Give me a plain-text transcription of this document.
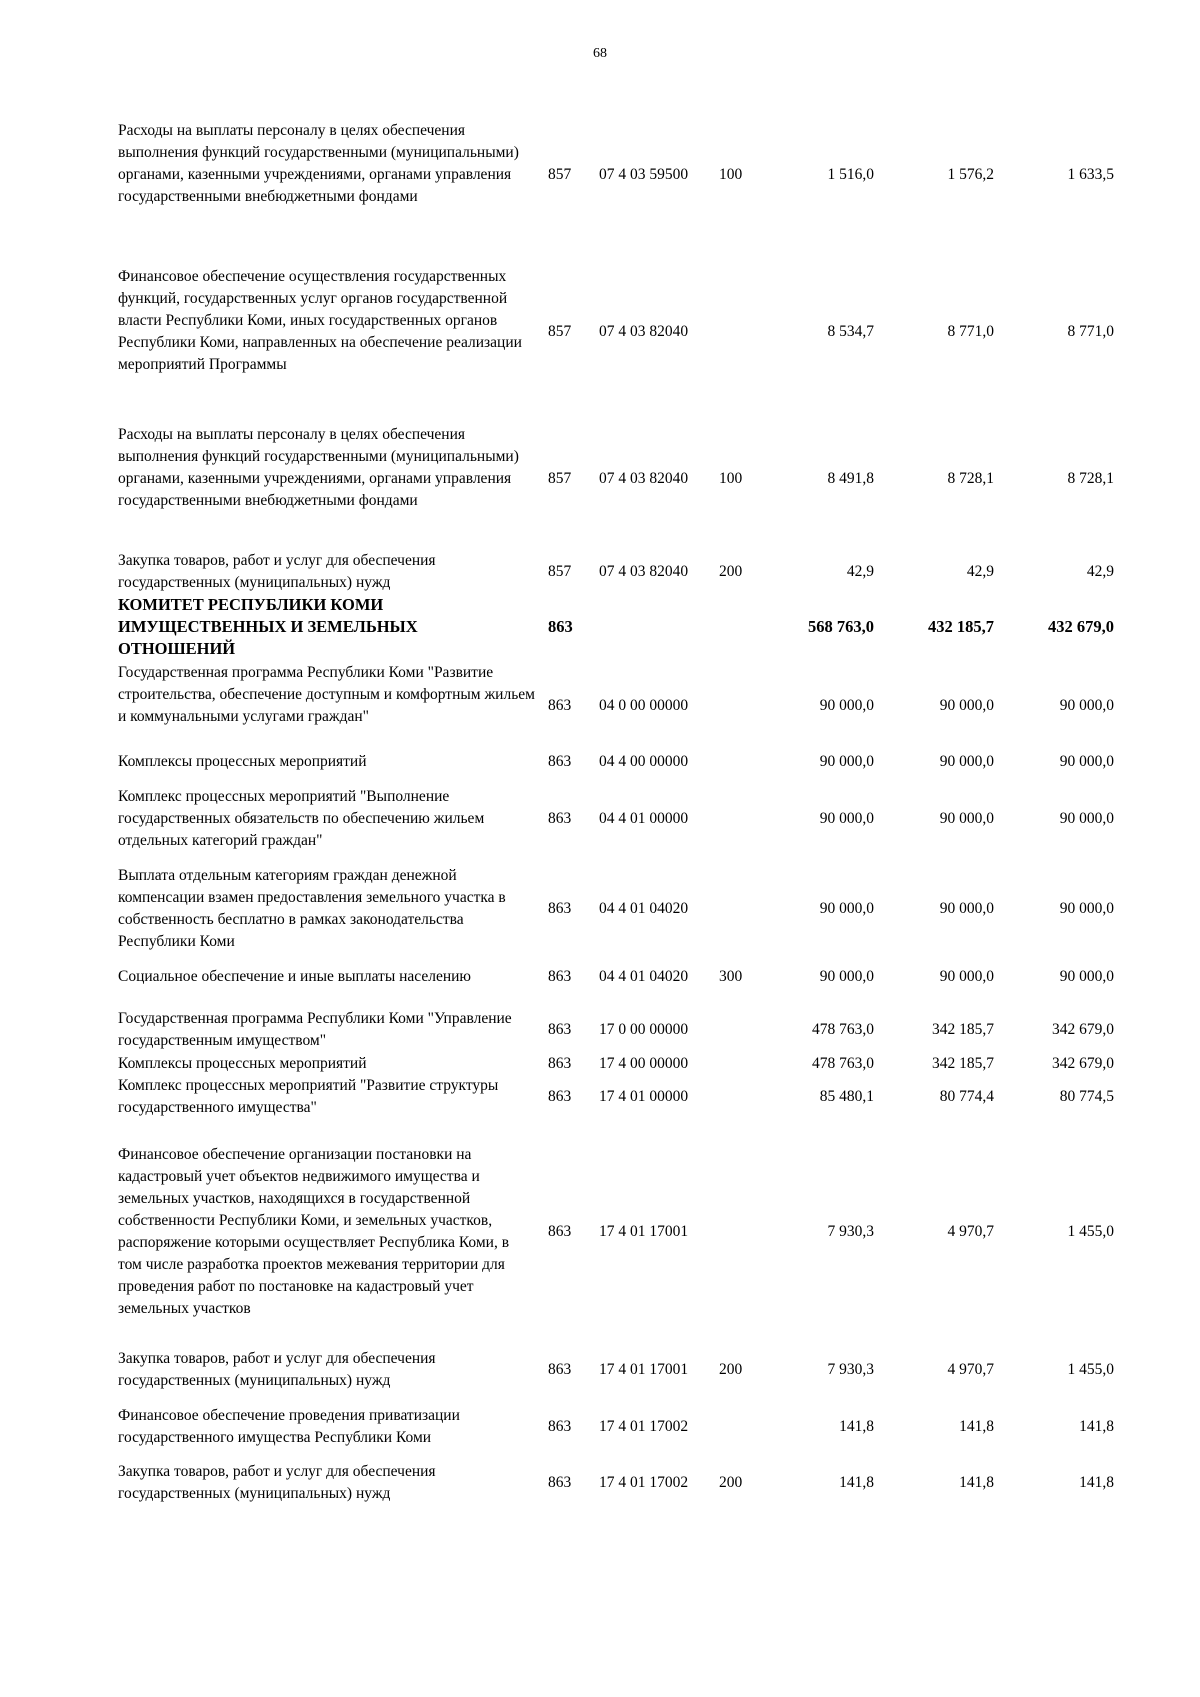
68
Расходы на выплаты персоналу в целях обеспечения выполнения функций государственными (муниципальными) органами, казенными учреждениями, органами управления государственными внебюджетными фондами
857 07 4 03 59500 100	1 516,0	1 576,2	1 633,5
Финансовое обеспечение осуществления государственных функций, государственных услуг органов государственной власти Республики Коми, иных государственных органов Республики Коми, направленных на обеспечение реализации мероприятий Программы
857 07 4 03 82040	8 534,7	8 771,0	8 771,0
Расходы на выплаты персоналу в целях обеспечения выполнения функций государственными (муниципальными) органами, казенными учреждениями, органами управления государственными внебюджетными фондами
857 07 4 03 82040 100	8 491,8	8 728,1	8 728,1
Закупка товаров, работ и услуг для обеспечения государственных (муниципальных) нужд
857 07 4 03 82040 200	42,9	42,9	42,9
КОМИТЕТ РЕСПУБЛИКИ КОМИ ИМУЩЕСТВЕННЫХ И ЗЕМЕЛЬНЫХ ОТНОШЕНИЙ
863	568 763,0	432 185,7	432 679,0
Государственная программа Республики Коми "Развитие строительства, обеспечение доступным и комфортным жильем и коммунальными услугами граждан"
863 04 0 00 00000	90 000,0	90 000,0	90 000,0
Комплексы процессных мероприятий	863 04 4 00 00000	90 000,0	90 000,0	90 000,0
Комплекс процессных мероприятий "Выполнение государственных обязательств по обеспечению жильем отдельных категорий граждан"
863 04 4 01 00000	90 000,0	90 000,0	90 000,0
Выплата отдельным категориям граждан денежной компенсации взамен предоставления земельного участка в собственность бесплатно в рамках законодательства Республики Коми
863 04 4 01 04020	90 000,0	90 000,0	90 000,0
Социальное обеспечение и иные выплаты населению	863 04 4 01 04020 300	90 000,0	90 000,0	90 000,0
Государственная программа Республики Коми "Управление государственным имуществом"
863 17 0 00 00000	478 763,0	342 185,7	342 679,0
Комплексы процессных мероприятий	863 17 4 00 00000	478 763,0	342 185,7	342 679,0
Комплекс процессных мероприятий "Развитие структуры государственного имущества"
863 17 4 01 00000	85 480,1	80 774,4	80 774,5
Финансовое обеспечение организации постановки на кадастровый учет объектов недвижимого имущества и земельных участков, находящихся в государственной собственности Республики Коми, и земельных участков, распоряжение которыми осуществляет Республика Коми, в том числе разработка проектов межевания территории для проведения работ по постановке на кадастровый учет земельных участков
863 17 4 01 17001	7 930,3	4 970,7	1 455,0
Закупка товаров, работ и услуг для обеспечения государственных (муниципальных) нужд
863 17 4 01 17001 200	7 930,3	4 970,7	1 455,0
Финансовое обеспечение проведения приватизации государственного имущества Республики Коми
863 17 4 01 17002	141,8	141,8	141,8
Закупка товаров, работ и услуг для обеспечения государственных (муниципальных) нужд
863 17 4 01 17002 200	141,8	141,8	141,8
